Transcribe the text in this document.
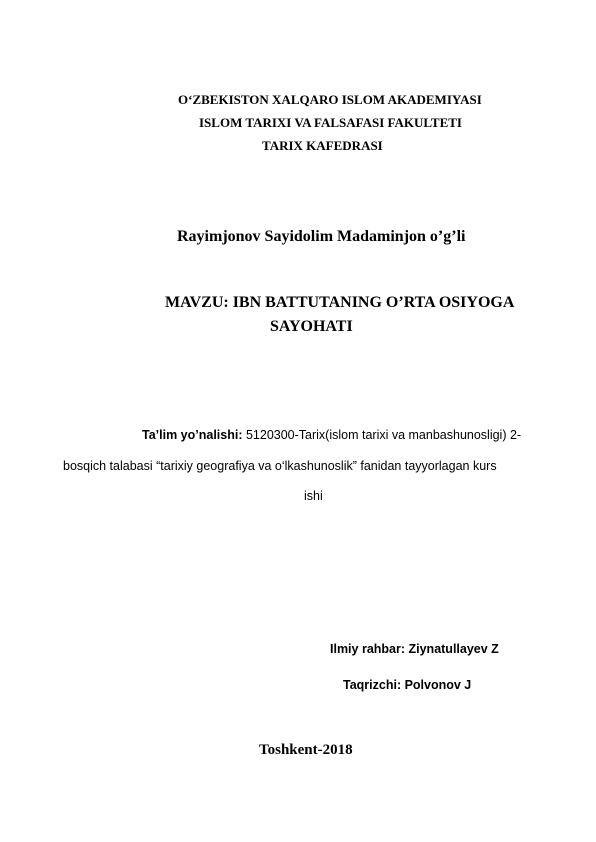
O‘ZBEKISTON XALQARO ISLOM AKADEMIYASI
ISLOM TARIXI VA FALSAFASI FAKULTETI
TARIX KAFEDRASI
Rayimjonov Sayidolim Madaminjon o’g’li
MAVZU: IBN BATTUTANING O’RTA OSIYOGA
SAYOHATI
Ta’lim yo’nalishi: 5120300-Tarix(islom tarixi va manbashunosligi) 2-
bosqich talabasi “tarixiy geografiya va o‘lkashunoslik” fanidan tayyorlagan kurs
ishi
Ilmiy rahbar: Ziynatullayev Z
Taqrizchi: Polvonov J
Toshkent-2018
